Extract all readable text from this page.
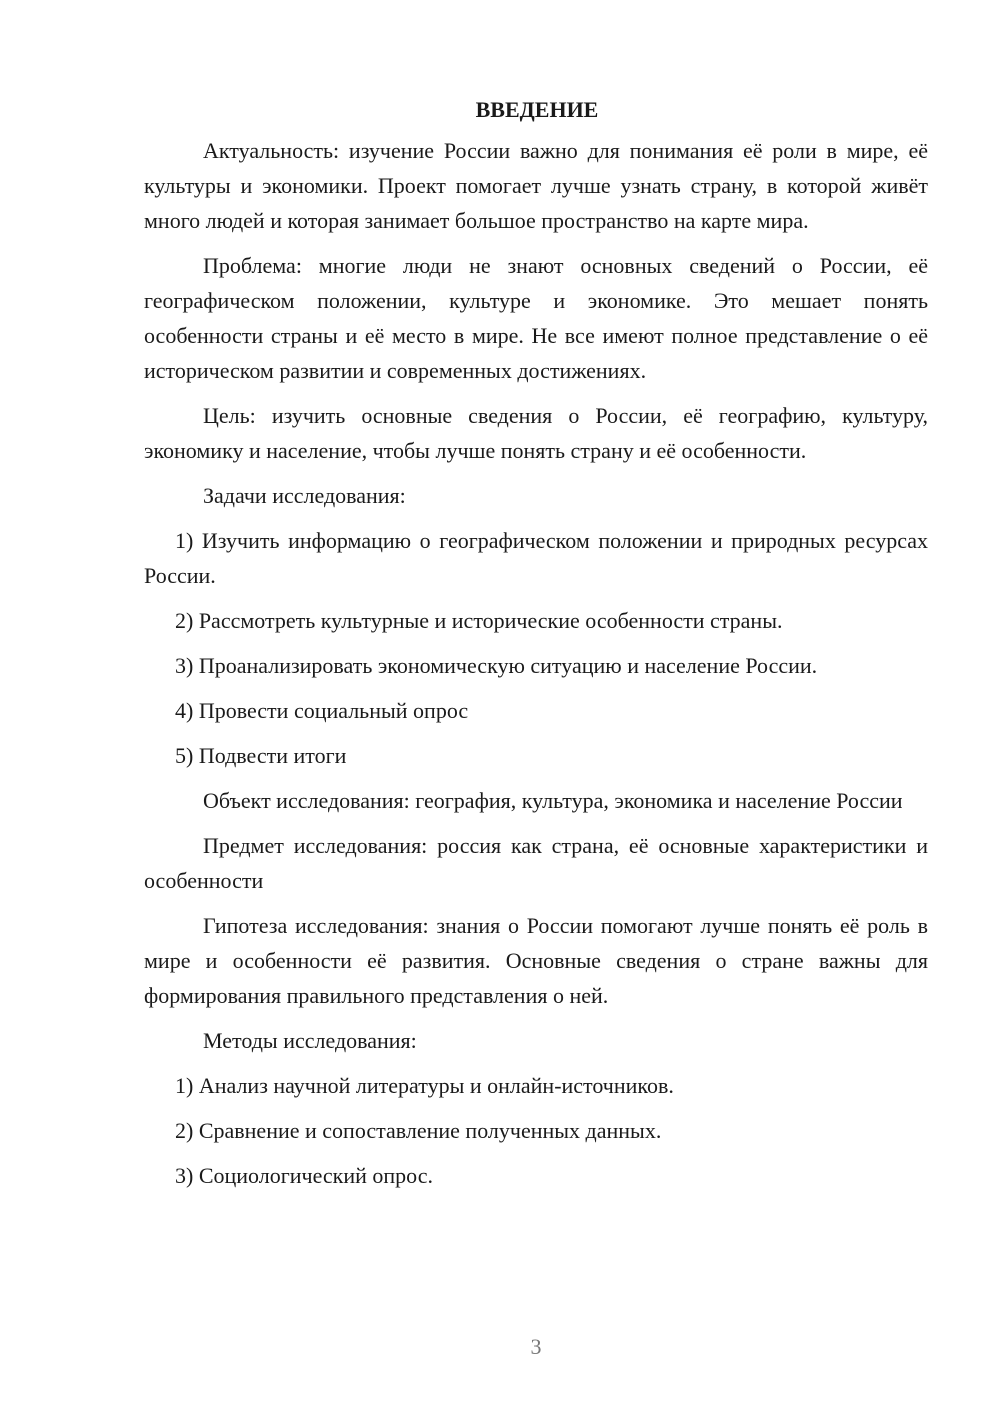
ВВЕДЕНИЕ

Актуальность: изучение России важно для понимания её роли в мире, её культуры и экономики. Проект помогает лучше узнать страну, в которой живёт много людей и которая занимает большое пространство на карте мира.

Проблема: многие люди не знают основных сведений о России, её географическом положении, культуре и экономике. Это мешает понять особенности страны и её место в мире. Не все имеют полное представление о её историческом развитии и современных достижениях.

Цель: изучить основные сведения о России, её географию, культуру, экономику и население, чтобы лучше понять страну и её особенности.

Задачи исследования:

1) Изучить информацию о географическом положении и природных ресурсах России.

2) Рассмотреть культурные и исторические особенности страны.

3) Проанализировать экономическую ситуацию и население России.

4) Провести социальный опрос

5) Подвести итоги

Объект исследования: география, культура, экономика и население России

Предмет исследования: россия как страна, её основные характеристики и особенности

Гипотеза исследования: знания о России помогают лучше понять её роль в мире и особенности её развития. Основные сведения о стране важны для формирования правильного представления о ней.

Методы исследования:

1) Анализ научной литературы и онлайн-источников.

2) Сравнение и сопоставление полученных данных.

3) Социологический опрос.

3
